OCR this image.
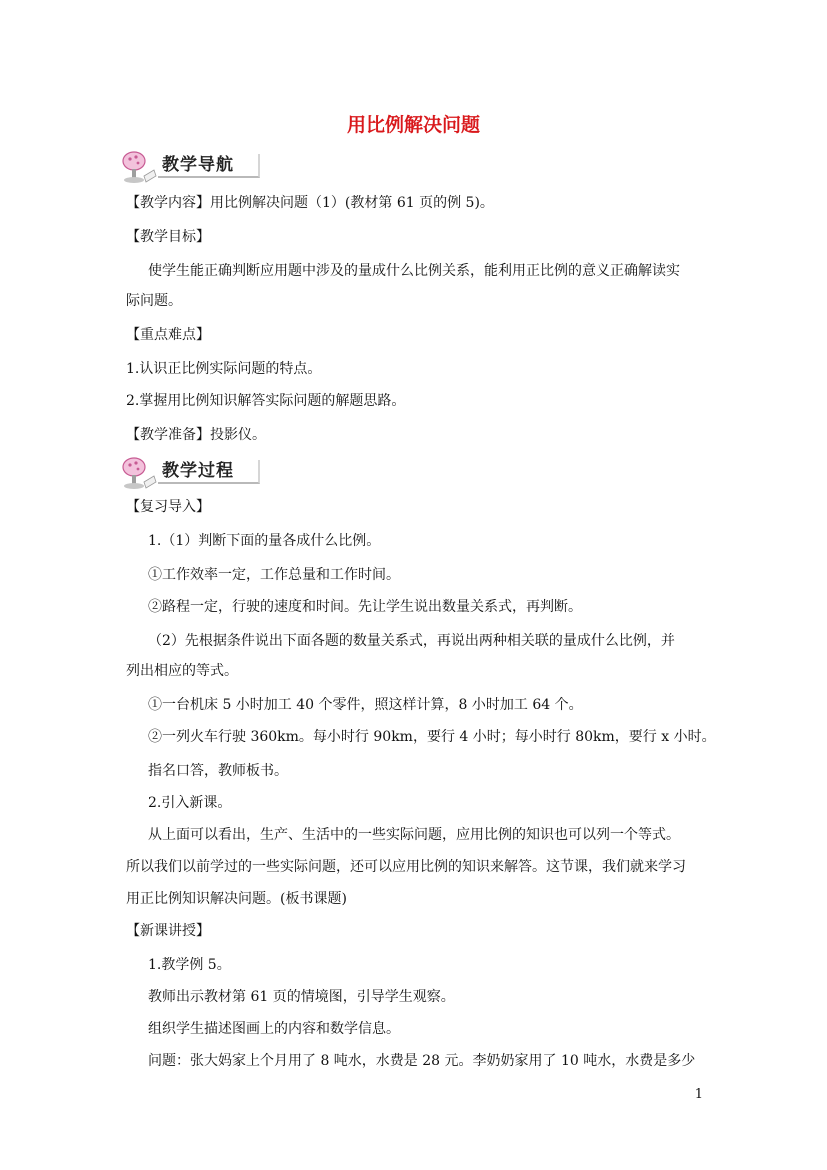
用比例解决问题
教学导航
【教学内容】用比例解决问题（1）(教材第 61 页的例 5)。
【教学目标】
使学生能正确判断应用题中涉及的量成什么比例关系，能利用正比例的意义正确解读实
际问题。
【重点难点】
1.认识正比例实际问题的特点。
2.掌握用比例知识解答实际问题的解题思路。
【教学准备】投影仪。
教学过程
【复习导入】
1.（1）判断下面的量各成什么比例。
①工作效率一定，工作总量和工作时间。
②路程一定，行驶的速度和时间。先让学生说出数量关系式，再判断。
（2）先根据条件说出下面各题的数量关系式，再说出两种相关联的量成什么比例，并
列出相应的等式。
①一台机床 5 小时加工 40 个零件，照这样计算，8 小时加工 64 个。
②一列火车行驶 360km。每小时行 90km，要行 4 小时；每小时行 80km，要行 x 小时。
指名口答，教师板书。
2.引入新课。
从上面可以看出，生产、生活中的一些实际问题，应用比例的知识也可以列一个等式。
所以我们以前学过的一些实际问题，还可以应用比例的知识来解答。这节课，我们就来学习
用正比例知识解决问题。(板书课题)
【新课讲授】
1.教学例 5。
教师出示教材第 61 页的情境图，引导学生观察。
组织学生描述图画上的内容和数学信息。
问题：张大妈家上个月用了 8 吨水，水费是 28 元。李奶奶家用了 10 吨水，水费是多少
1
